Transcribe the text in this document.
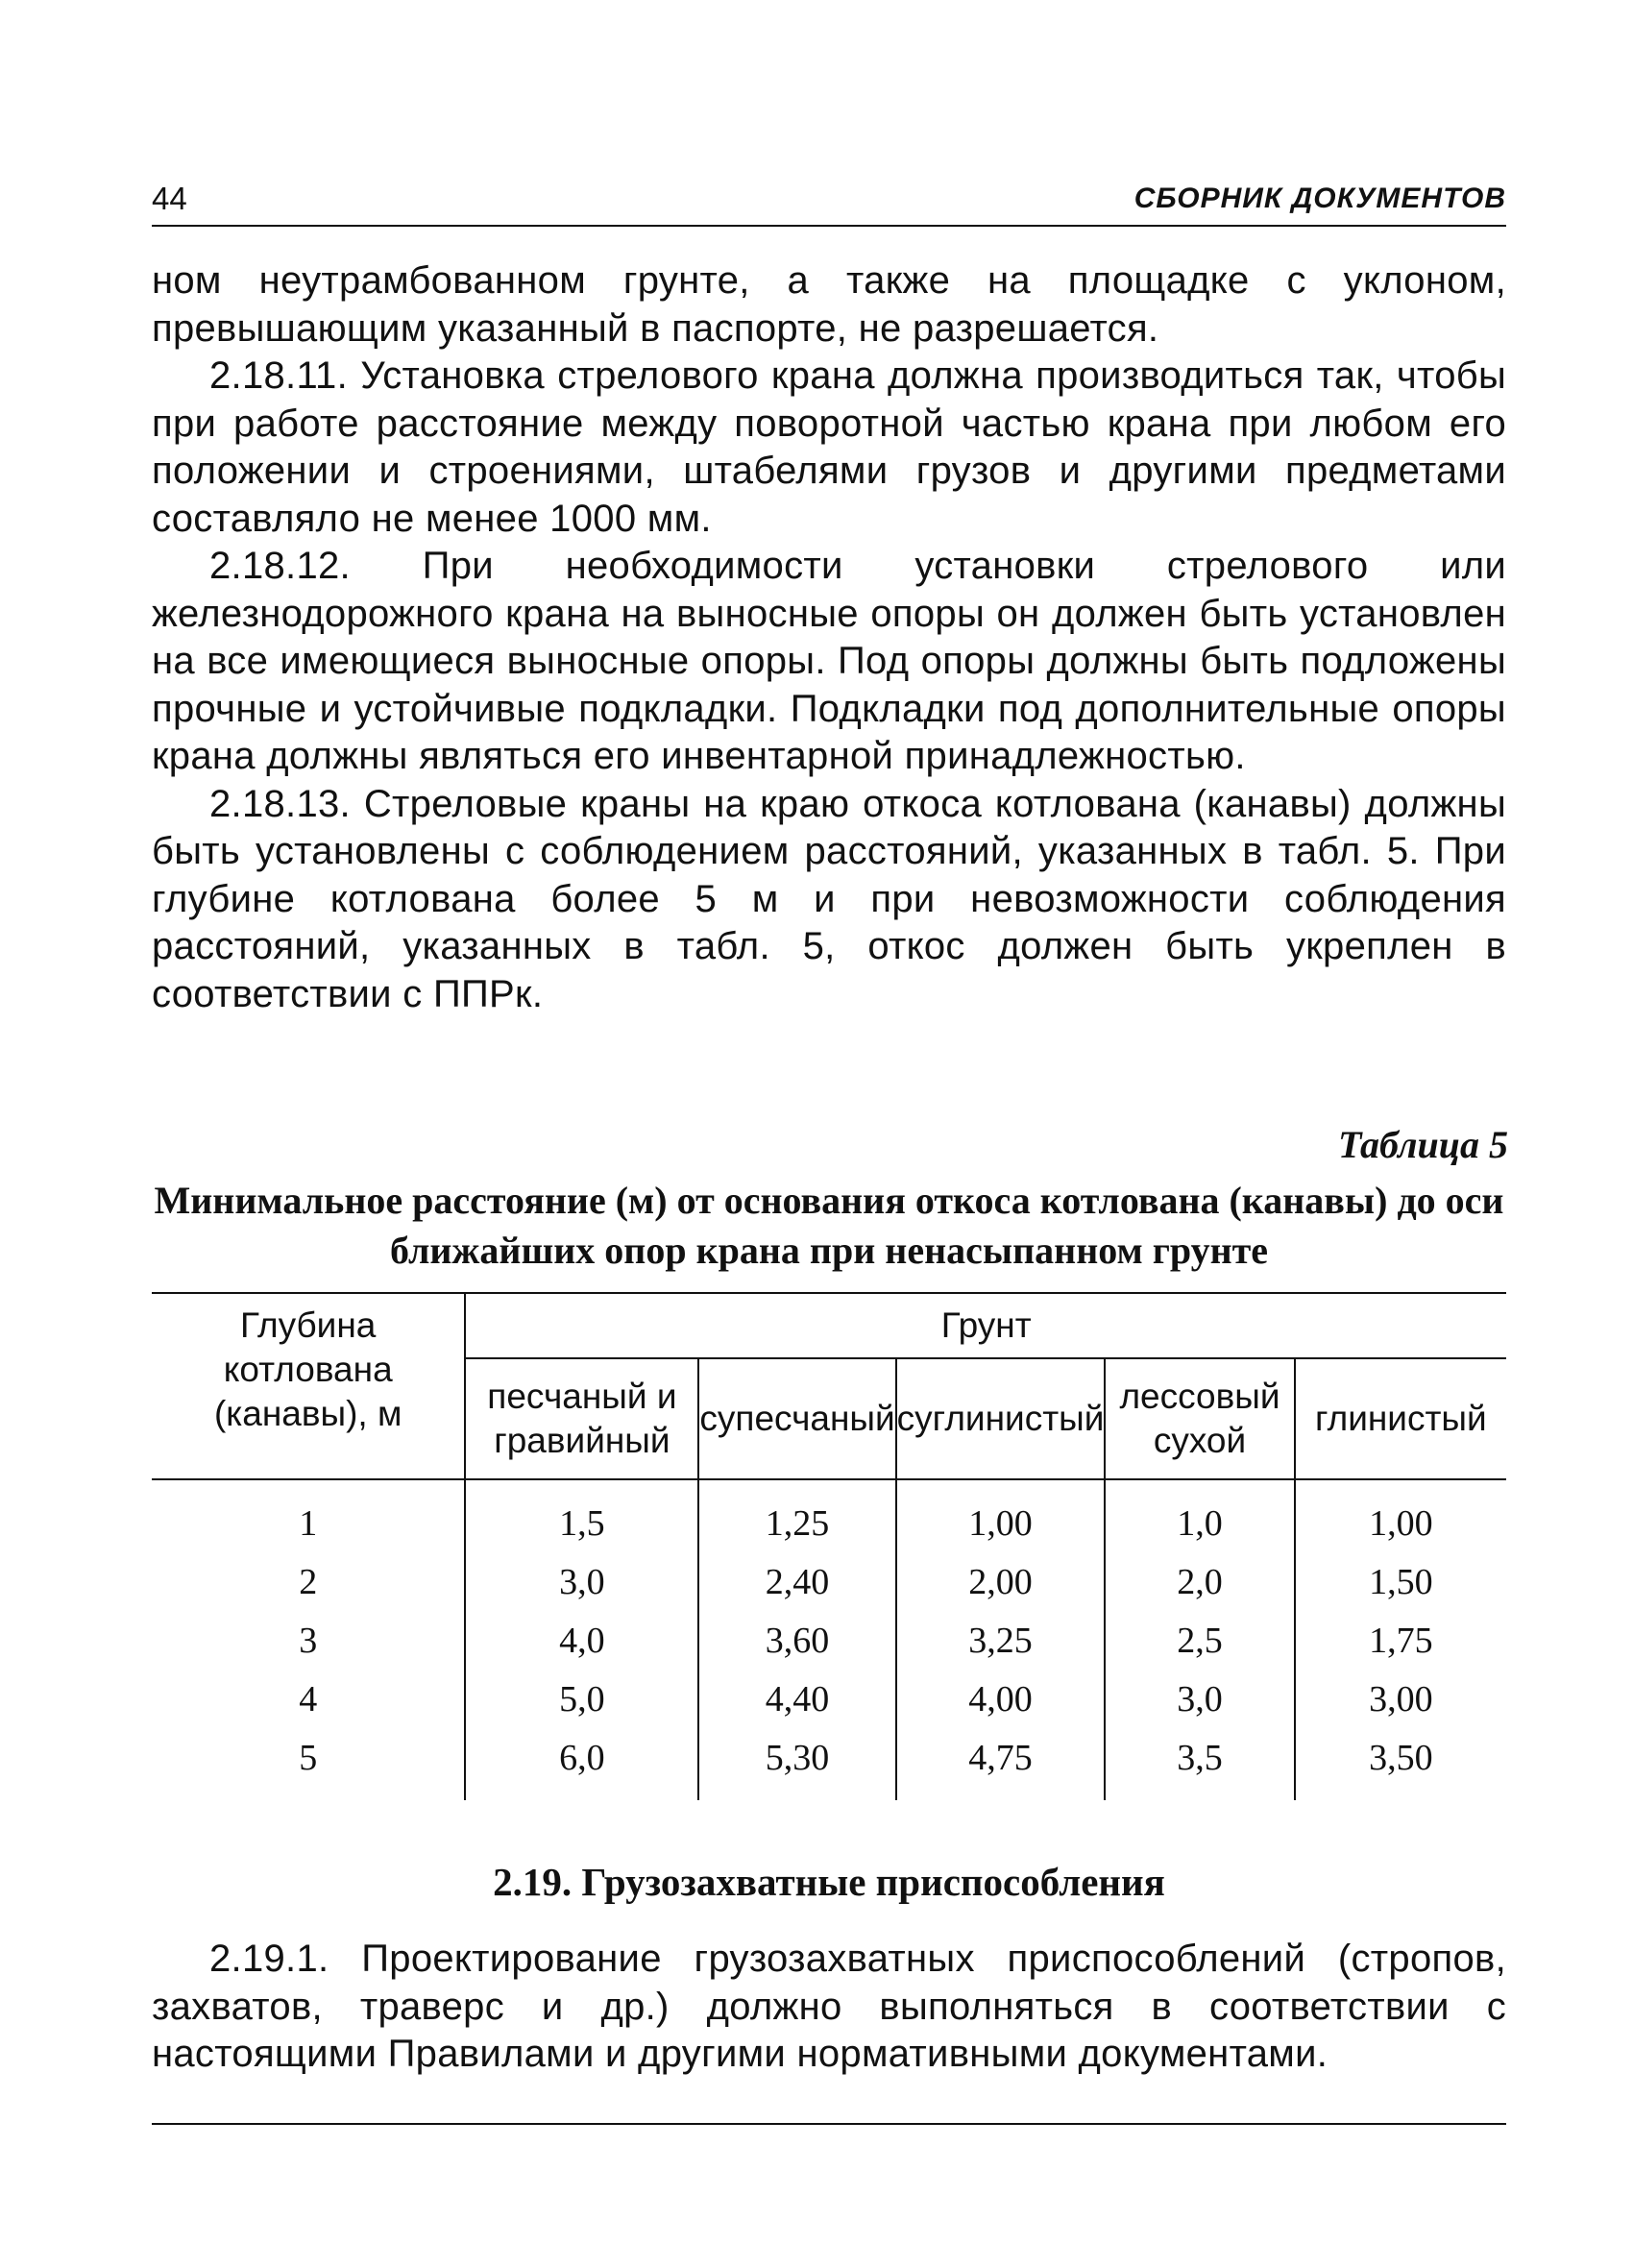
44	СБОРНИК ДОКУМЕНТОВ

ном неутрамбованном грунте, а также на площадке с уклоном, превышающим указанный в паспорте, не разрешается.

2.18.11. Установка стрелового крана должна производиться так, чтобы при работе расстояние между поворотной частью крана при любом его положении и строениями, штабелями грузов и другими предметами составляло не менее 1000 мм.

2.18.12. При необходимости установки стрелового или железнодорожного крана на выносные опоры он должен быть установлен на все имеющиеся выносные опоры. Под опоры должны быть подложены прочные и устойчивые подкладки. Подкладки под дополнительные опоры крана должны являться его инвентарной принадлежностью.

2.18.13. Стреловые краны на краю откоса котлована (канавы) должны быть установлены с соблюдением расстояний, указанных в табл. 5. При глубине котлована более 5 м и при невозможности соблюдения расстояний, указанных в табл. 5, откос должен быть укреплен в соответствии с ППРк.

Таблица 5
Минимальное расстояние (м) от основания откоса котлована (канавы) до оси ближайших опор крана при ненасыпанном грунте
Глубина котлована (канавы), м	Грунт				
	песчаный и гравийный	супесчаный	суглинистый	лессовый сухой	глинистый
1	1,5	1,25	1,00	1,0	1,00
2	3,0	2,40	2,00	2,0	1,50
3	4,0	3,60	3,25	2,5	1,75
4	5,0	4,40	4,00	3,0	3,00
5	6,0	5,30	4,75	3,5	3,50
2.19. Грузозахватные приспособления

2.19.1. Проектирование грузозахватных приспособлений (стропов, захватов, траверс и др.) должно выполняться в соответствии с настоящими Правилами и другими нормативными документами.
